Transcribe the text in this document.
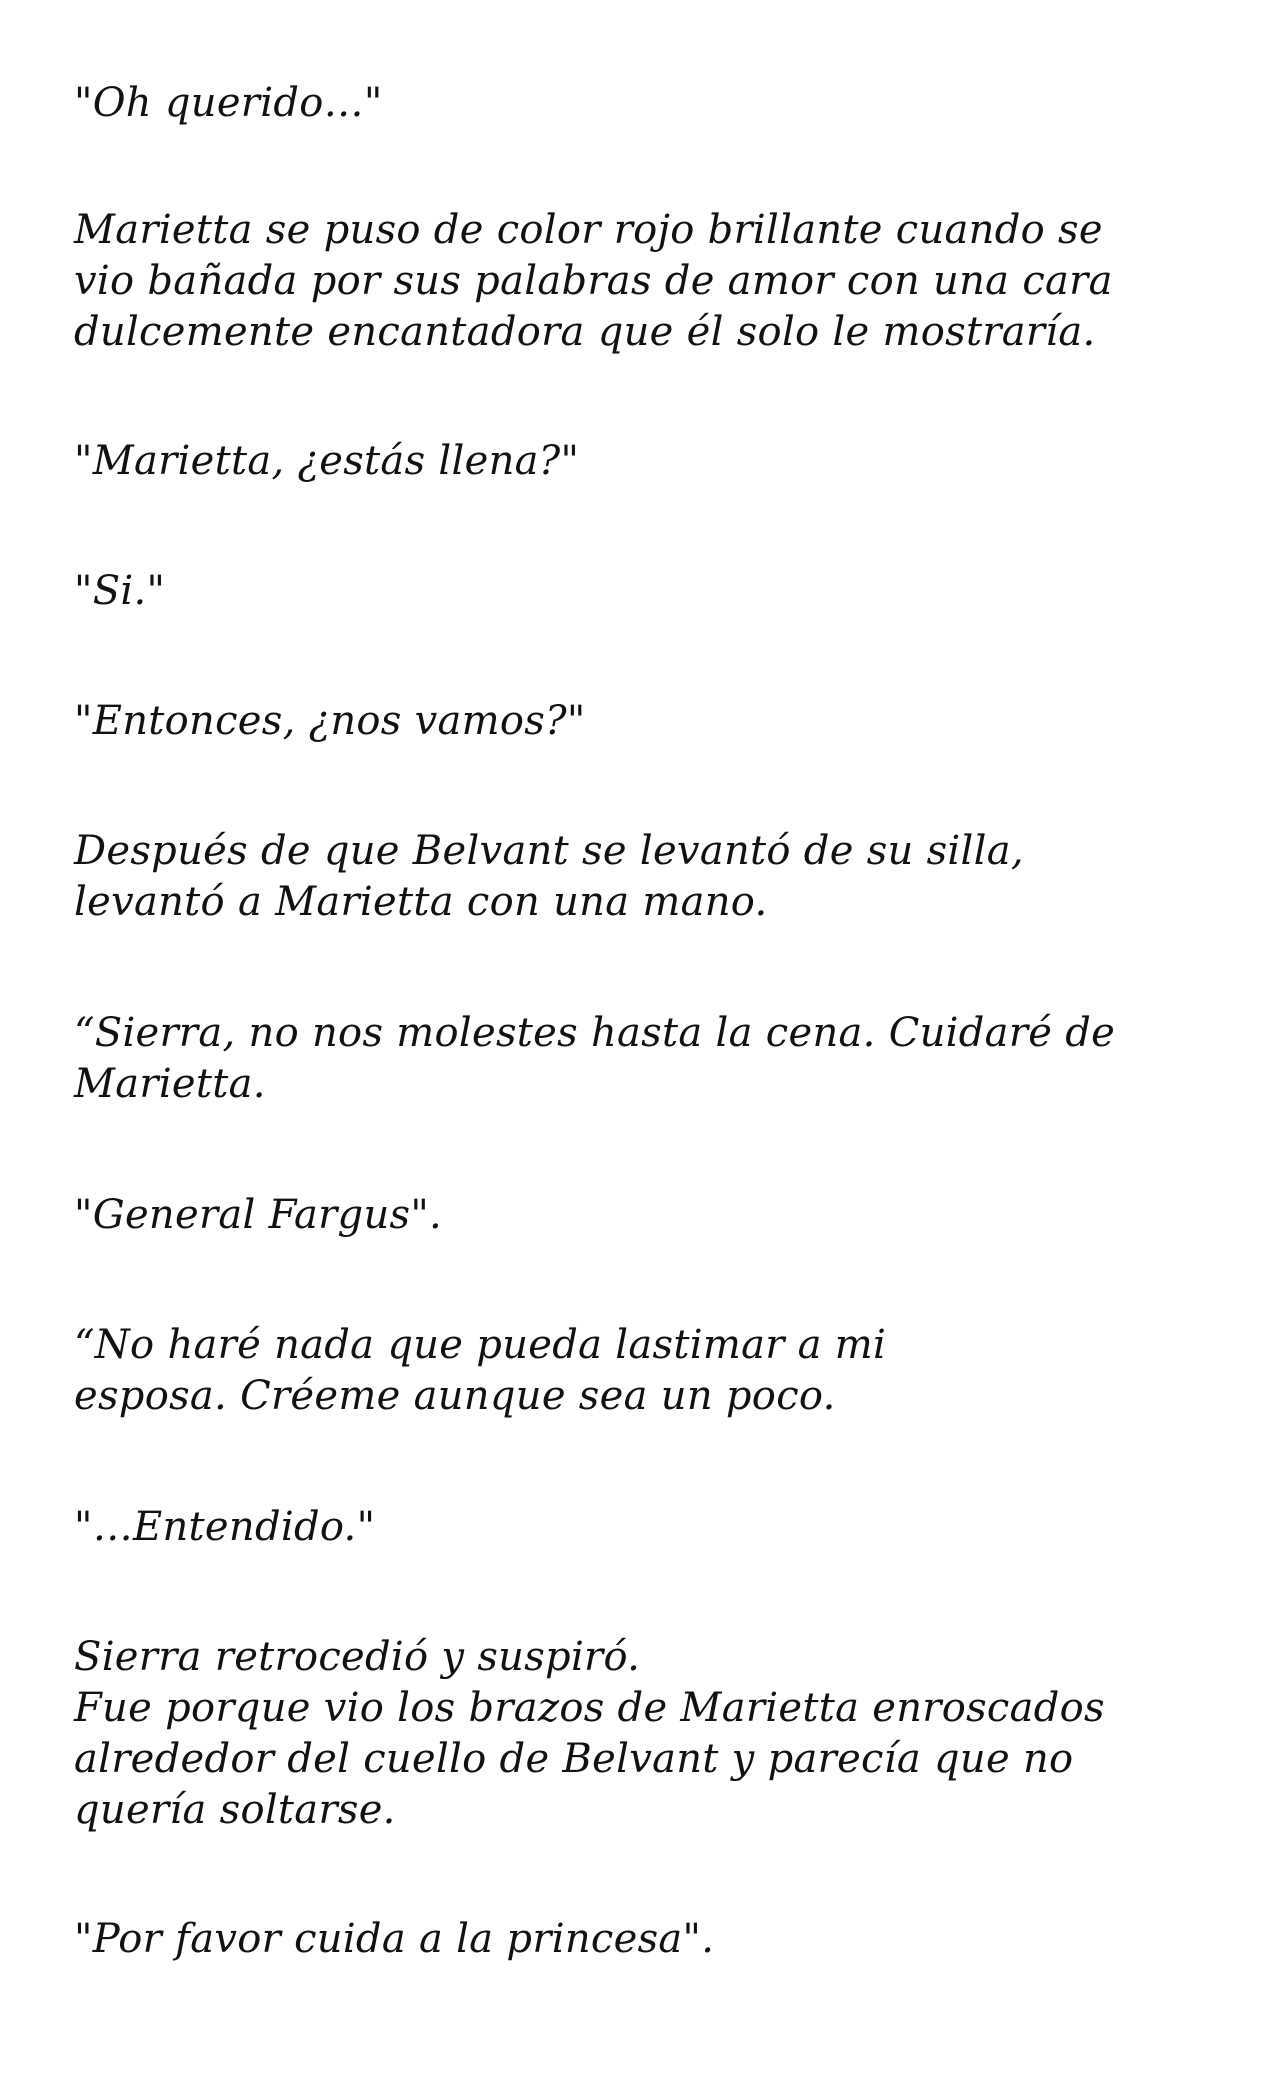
"Oh querido…"

Marietta se puso de color rojo brillante cuando se
vio bañada por sus palabras de amor con una cara
dulcemente encantadora que él solo le mostraría.

"Marietta, ¿estás llena?"

"Si."

"Entonces, ¿nos vamos?"

Después de que Belvant se levantó de su silla,
levantó a Marietta con una mano.

“Sierra, no nos molestes hasta la cena. Cuidaré de
Marietta.

"General Fargus".

“No haré nada que pueda lastimar a mi
esposa. Créeme aunque sea un poco.

"…Entendido."

Sierra retrocedió y suspiró.
Fue porque vio los brazos de Marietta enroscados
alrededor del cuello de Belvant y parecía que no
quería soltarse.

"Por favor cuida a la princesa".
